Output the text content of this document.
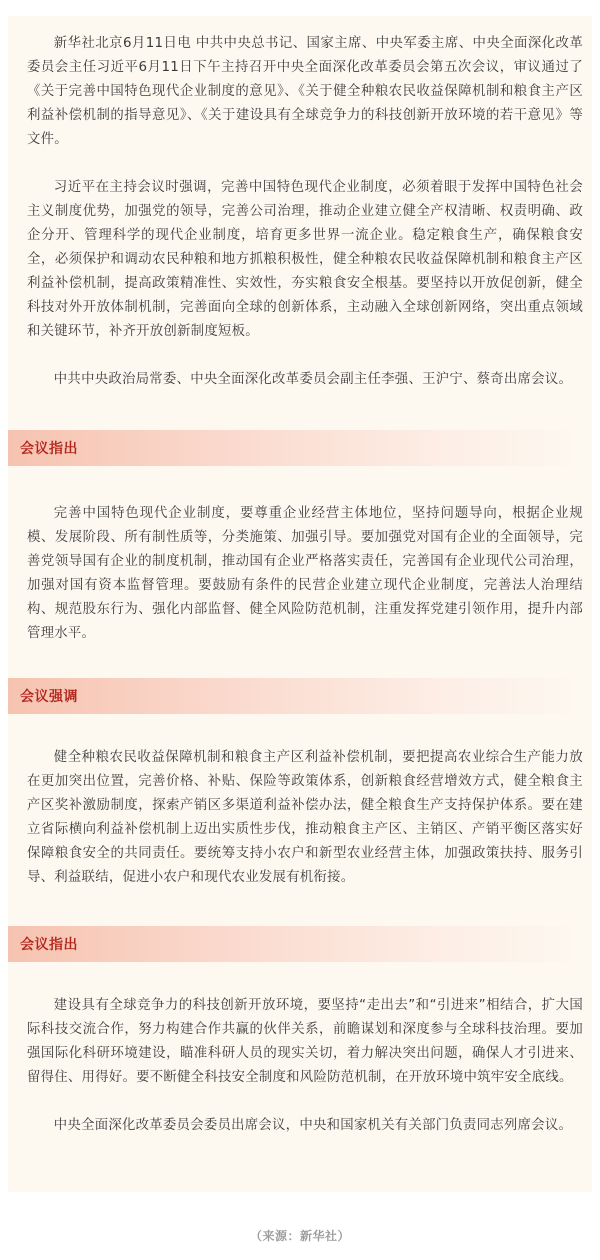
新华社北京6月11日电 中共中央总书记、国家主席、中央军委主席、中央全面深化改革委员会主任习近平6月11日下午主持召开中央全面深化改革委员会第五次会议，审议通过了《关于完善中国特色现代企业制度的意见》、《关于健全种粮农民收益保障机制和粮食主产区利益补偿机制的指导意见》、《关于建设具有全球竞争力的科技创新开放环境的若干意见》等文件。

习近平在主持会议时强调，完善中国特色现代企业制度，必须着眼于发挥中国特色社会主义制度优势，加强党的领导，完善公司治理，推动企业建立健全产权清晰、权责明确、政企分开、管理科学的现代企业制度，培育更多世界一流企业。稳定粮食生产，确保粮食安全，必须保护和调动农民种粮和地方抓粮积极性，健全种粮农民收益保障机制和粮食主产区利益补偿机制，提高政策精准性、实效性，夯实粮食安全根基。要坚持以开放促创新，健全科技对外开放体制机制，完善面向全球的创新体系，主动融入全球创新网络，突出重点领域和关键环节，补齐开放创新制度短板。

中共中央政治局常委、中央全面深化改革委员会副主任李强、王沪宁、蔡奇出席会议。

会议指出

完善中国特色现代企业制度，要尊重企业经营主体地位，坚持问题导向，根据企业规模、发展阶段、所有制性质等，分类施策、加强引导。要加强党对国有企业的全面领导，完善党领导国有企业的制度机制，推动国有企业严格落实责任，完善国有企业现代公司治理，加强对国有资本监督管理。要鼓励有条件的民营企业建立现代企业制度，完善法人治理结构、规范股东行为、强化内部监督、健全风险防范机制，注重发挥党建引领作用，提升内部管理水平。

会议强调

健全种粮农民收益保障机制和粮食主产区利益补偿机制，要把提高农业综合生产能力放在更加突出位置，完善价格、补贴、保险等政策体系，创新粮食经营增效方式，健全粮食主产区奖补激励制度，探索产销区多渠道利益补偿办法，健全粮食生产支持保护体系。要在建立省际横向利益补偿机制上迈出实质性步伐，推动粮食主产区、主销区、产销平衡区落实好保障粮食安全的共同责任。要统筹支持小农户和新型农业经营主体，加强政策扶持、服务引导、利益联结，促进小农户和现代农业发展有机衔接。

会议指出

建设具有全球竞争力的科技创新开放环境，要坚持“走出去”和“引进来”相结合，扩大国际科技交流合作，努力构建合作共赢的伙伴关系，前瞻谋划和深度参与全球科技治理。要加强国际化科研环境建设，瞄准科研人员的现实关切，着力解决突出问题，确保人才引进来、留得住、用得好。要不断健全科技安全制度和风险防范机制，在开放环境中筑牢安全底线。

中央全面深化改革委员会委员出席会议，中央和国家机关有关部门负责同志列席会议。

（来源：新华社）
